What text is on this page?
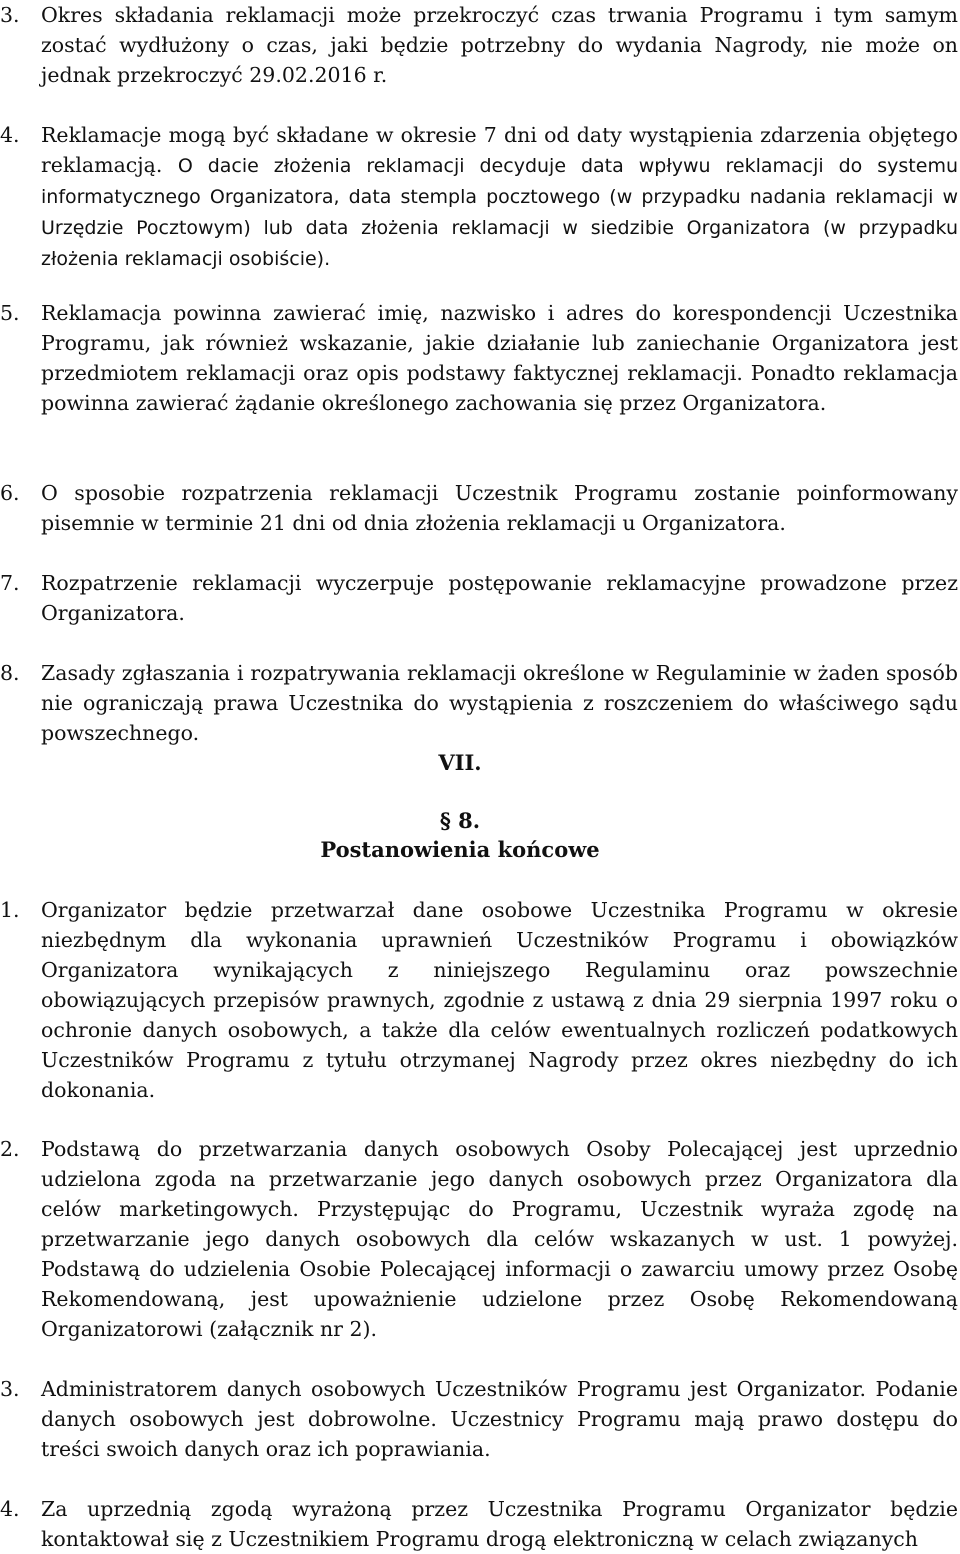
3.	Okres składania reklamacji może przekroczyć czas trwania Programu i tym samym zostać wydłużony o czas, jaki będzie potrzebny do wydania Nagrody, nie może on jednak przekroczyć 29.02.2016 r.
4.	Reklamacje mogą być składane w okresie 7 dni od daty wystąpienia zdarzenia objętego reklamacją. O dacie złożenia reklamacji decyduje data wpływu reklamacji do systemu informatycznego Organizatora, data stempla pocztowego (w przypadku nadania reklamacji w Urzędzie Pocztowym) lub data złożenia reklamacji w siedzibie Organizatora (w przypadku złożenia reklamacji osobiście).
5.	Reklamacja powinna zawierać imię, nazwisko i adres do korespondencji Uczestnika Programu, jak również wskazanie, jakie działanie lub zaniechanie Organizatora jest przedmiotem reklamacji oraz opis podstawy faktycznej reklamacji. Ponadto reklamacja powinna zawierać żądanie określonego zachowania się przez Organizatora.
6.	O sposobie rozpatrzenia reklamacji Uczestnik Programu zostanie poinformowany pisemnie w terminie 21 dni od dnia złożenia reklamacji u Organizatora.
7.	Rozpatrzenie reklamacji wyczerpuje postępowanie reklamacyjne prowadzone przez Organizatora.
8.	Zasady zgłaszania i rozpatrywania reklamacji określone w Regulaminie w żaden sposób nie ograniczają prawa Uczestnika do wystąpienia z roszczeniem do właściwego sądu powszechnego.
VII.
§ 8.
Postanowienia końcowe
1.	Organizator będzie przetwarzał dane osobowe Uczestnika Programu w okresie niezbędnym dla wykonania uprawnień Uczestników Programu i obowiązków Organizatora wynikających z niniejszego Regulaminu oraz powszechnie obowiązujących przepisów prawnych, zgodnie z ustawą z dnia 29 sierpnia 1997 roku o ochronie danych osobowych, a także dla celów ewentualnych rozliczeń podatkowych Uczestników Programu z tytułu otrzymanej Nagrody przez okres niezbędny do ich dokonania.
2.	Podstawą do przetwarzania danych osobowych Osoby Polecającej jest uprzednio udzielona zgoda na przetwarzanie jego danych osobowych przez Organizatora dla celów marketingowych. Przystępując do Programu, Uczestnik wyraża zgodę na przetwarzanie jego danych osobowych dla celów wskazanych w ust. 1 powyżej. Podstawą do udzielenia Osobie Polecającej informacji o zawarciu umowy przez Osobę Rekomendowaną, jest upoważnienie udzielone przez Osobę Rekomendowaną Organizatorowi (załącznik nr 2).
3.	Administratorem danych osobowych Uczestników Programu jest Organizator. Podanie danych osobowych jest dobrowolne. Uczestnicy Programu mają prawo dostępu do treści swoich danych oraz ich poprawiania.
4.	Za uprzednią zgodą wyrażoną przez Uczestnika Programu Organizator będzie kontaktował się z Uczestnikiem Programu drogą elektroniczną w celach związanych
